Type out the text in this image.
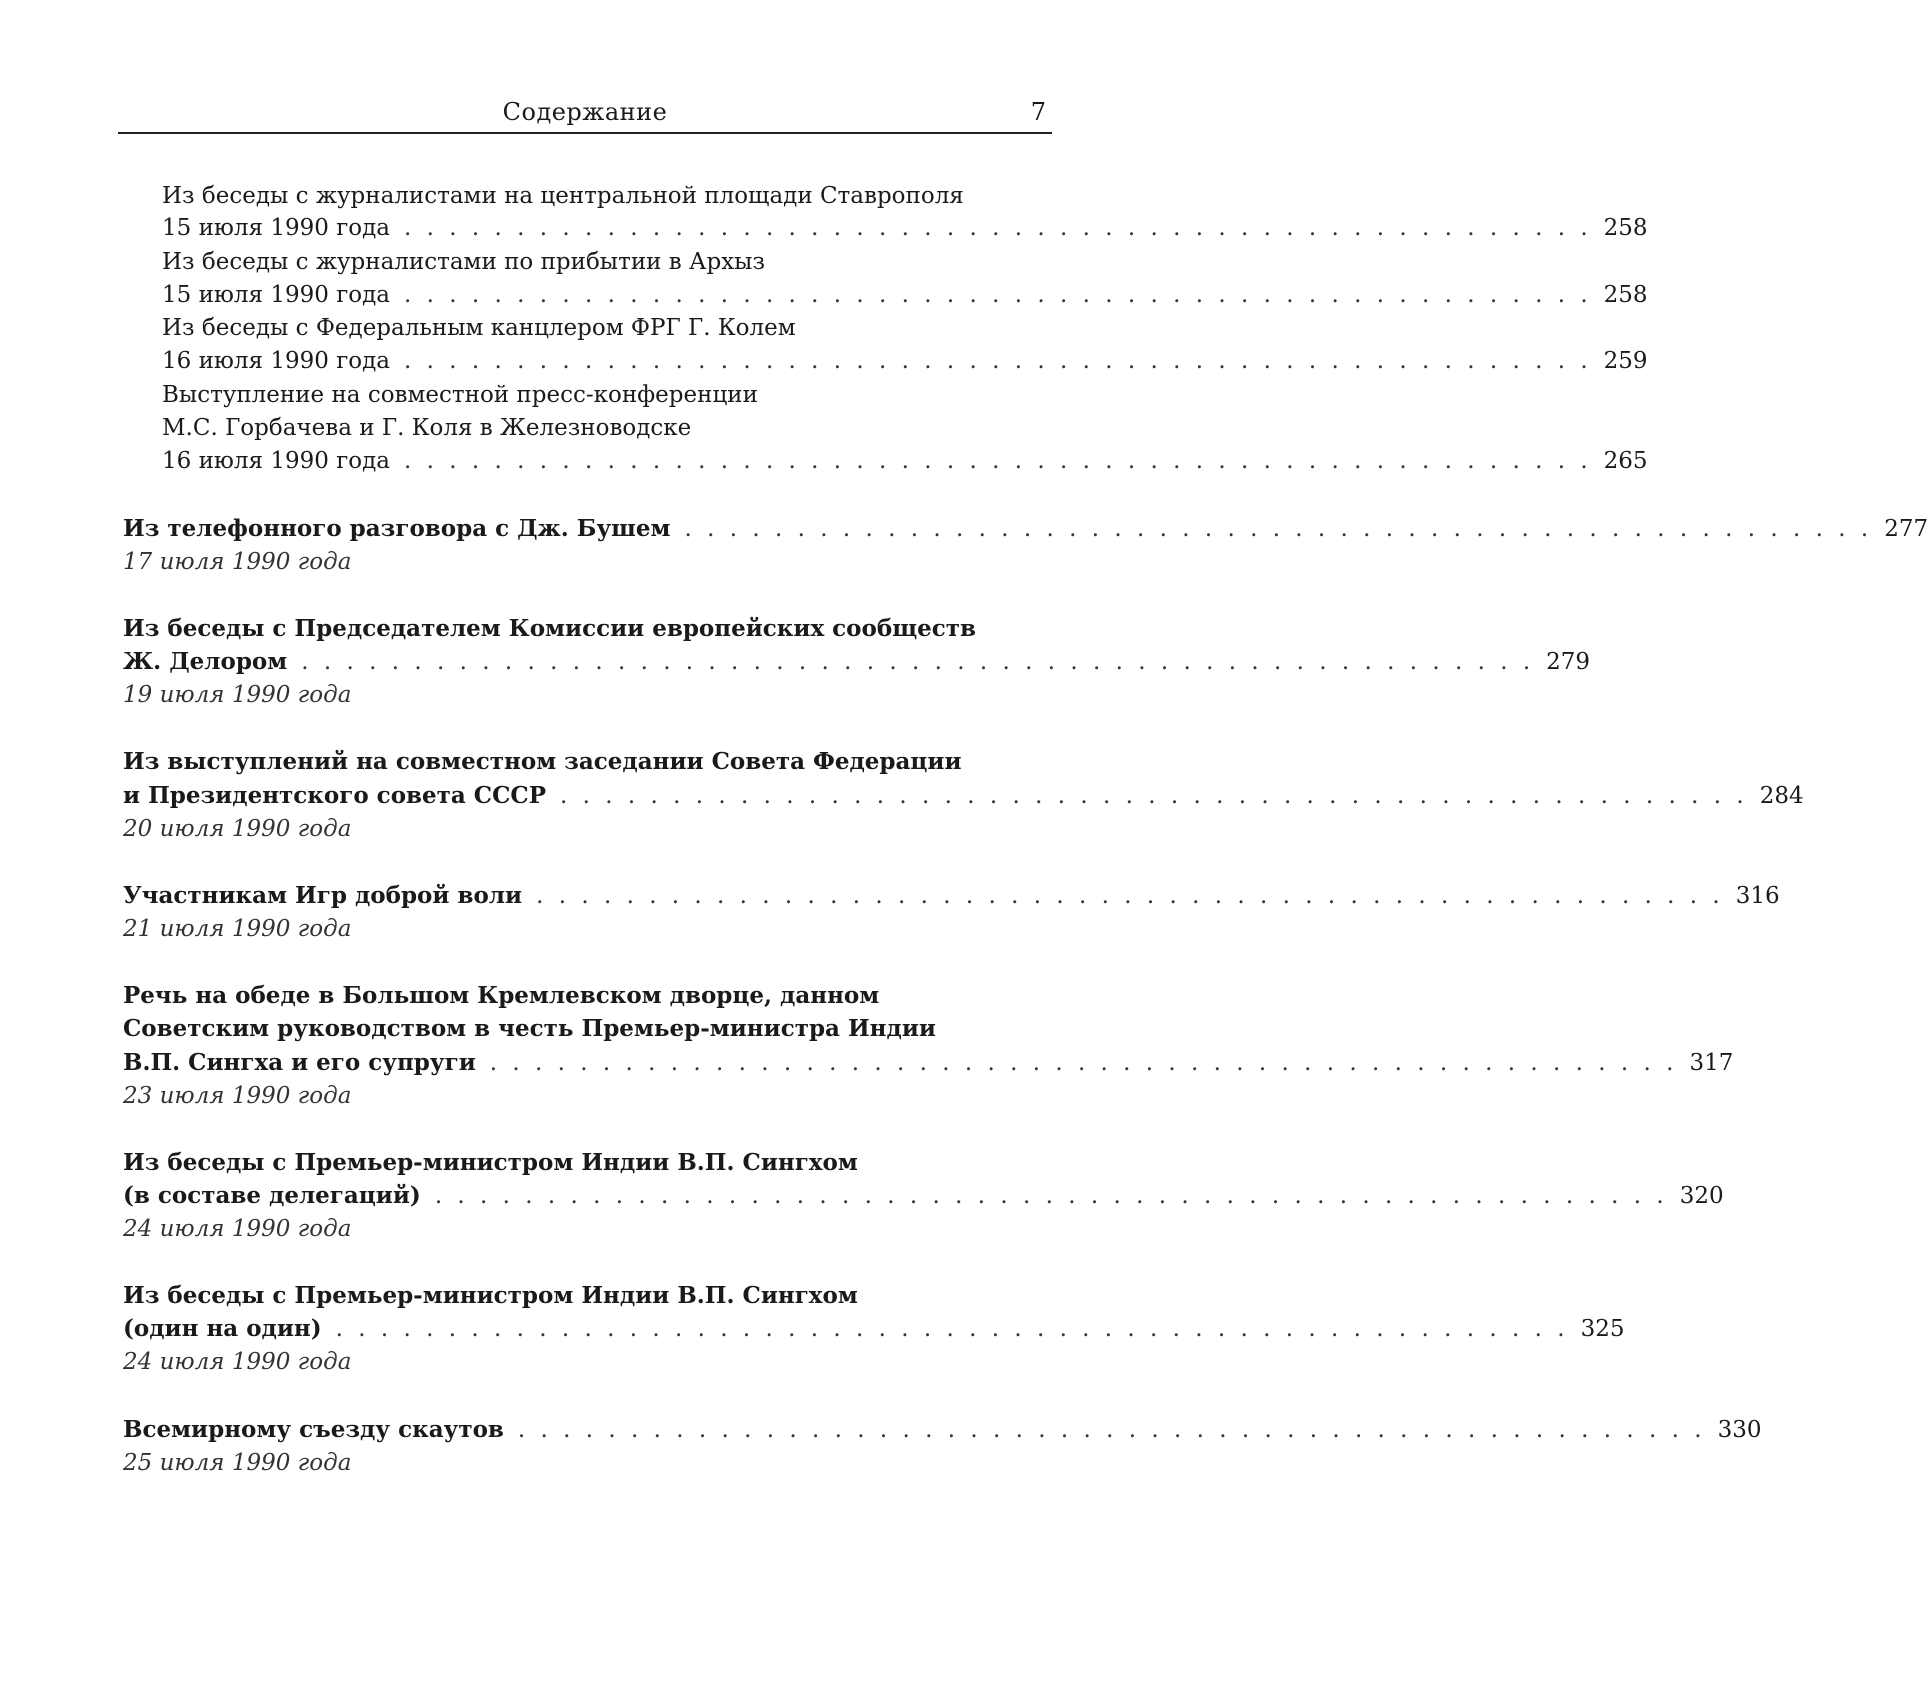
Содержание	7
Из беседы с журналистами на центральной площади Ставрополя
15 июля 1990 года . . . . . . . . . . . . . . . . . . . . . . . . . . . . . . . . . . . . . . . . . . . . . . . . . . . . . 258
Из беседы с журналистами по прибытии в Архыз
15 июля 1990 года . . . . . . . . . . . . . . . . . . . . . . . . . . . . . . . . . . . . . . . . . . . . . . . . . . . . . 258
Из беседы с Федеральным канцлером ФРГ Г. Колем
16 июля 1990 года . . . . . . . . . . . . . . . . . . . . . . . . . . . . . . . . . . . . . . . . . . . . . . . . . . . . . 259
Выступление на совместной пресс-конференции
М.С. Горбачева и Г. Коля в Железноводске
16 июля 1990 года . . . . . . . . . . . . . . . . . . . . . . . . . . . . . . . . . . . . . . . . . . . . . . . . . . . . . 265
Из телефонного разговора с Дж. Бушем . . . . . . . . . . . . . . . . . . . . . . . . . . . . . . . . . . . . . . . . . . . . . . . . . . . . . 277
17 июля 1990 года
Из беседы с Председателем Комиссии европейских сообществ
Ж. Делором . . . . . . . . . . . . . . . . . . . . . . . . . . . . . . . . . . . . . . . . . . . . . . . . . . . . . . . 279
19 июля 1990 года
Из выступлений на совместном заседании Совета Федерации
и Президентского совета СССР . . . . . . . . . . . . . . . . . . . . . . . . . . . . . . . . . . . . . . . . . . . . . . . . . . . . . 284
20 июля 1990 года
Участникам Игр доброй воли . . . . . . . . . . . . . . . . . . . . . . . . . . . . . . . . . . . . . . . . . . . . . . . . . . . . . 316
21 июля 1990 года
Речь на обеде в Большом Кремлевском дворце, данном
Советским руководством в честь Премьер-министра Индии
В.П. Сингха и его супруги . . . . . . . . . . . . . . . . . . . . . . . . . . . . . . . . . . . . . . . . . . . . . . . . . . . . . 317
23 июля 1990 года
Из беседы с Премьер-министром Индии В.П. Сингхом
(в составе делегаций) . . . . . . . . . . . . . . . . . . . . . . . . . . . . . . . . . . . . . . . . . . . . . . . . . . . . . . . 320
24 июля 1990 года
Из беседы с Премьер-министром Индии В.П. Сингхом
(один на один) . . . . . . . . . . . . . . . . . . . . . . . . . . . . . . . . . . . . . . . . . . . . . . . . . . . . . . . 325
24 июля 1990 года
Всемирному съезду скаутов . . . . . . . . . . . . . . . . . . . . . . . . . . . . . . . . . . . . . . . . . . . . . . . . . . . . . 330
25 июля 1990 года
